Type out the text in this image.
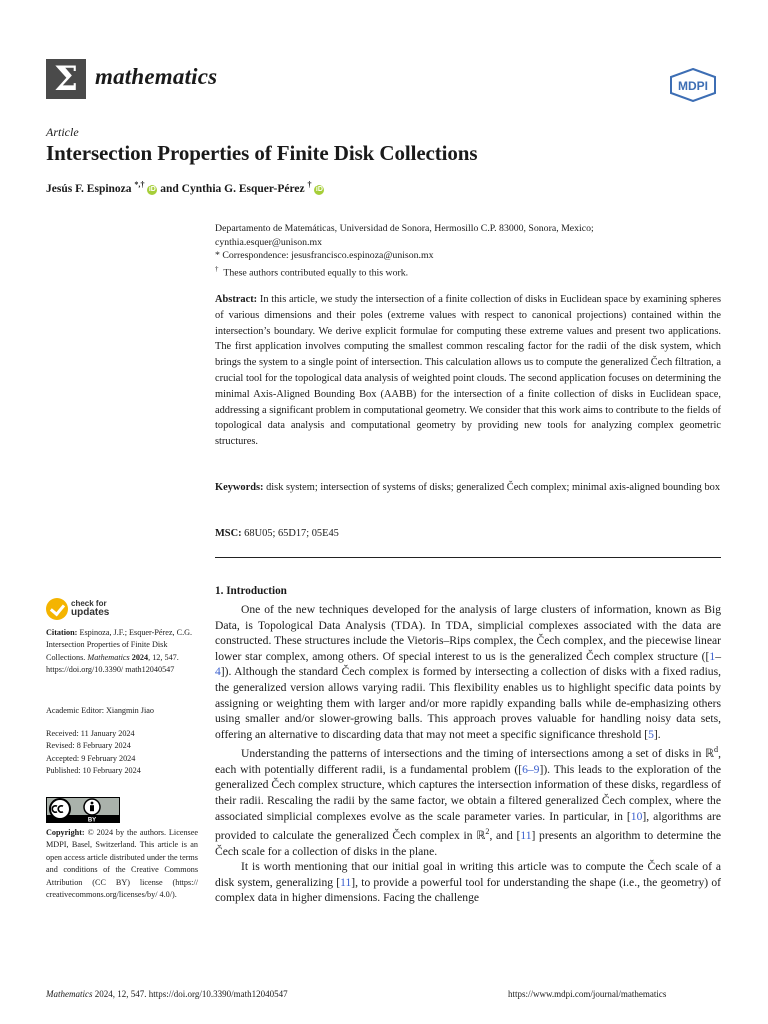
Σ mathematics	MDPI
Article
Intersection Properties of Finite Disk Collections
Jesús F. Espinoza *,† iD and Cynthia G. Esquer-Pérez † iD
Departamento de Matemáticas, Universidad de Sonora, Hermosillo C.P. 83000, Sonora, Mexico;
cynthia.esquer@unison.mx
* Correspondence: jesusfrancisco.espinoza@unison.mx
† These authors contributed equally to this work.
Abstract: In this article, we study the intersection of a finite collection of disks in Euclidean space by examining spheres of various dimensions and their poles (extreme values with respect to canonical projections) contained within the intersection’s boundary. We derive explicit formulae for computing these extreme values and present two applications. The first application involves computing the smallest common rescaling factor for the radii of the disk system, which brings the system to a single point of intersection. This calculation allows us to compute the generalized Čech filtration, a crucial tool for the topological data analysis of weighted point clouds. The second application focuses on determining the minimal Axis-Aligned Bounding Box (AABB) for the intersection of a finite collection of disks in Euclidean space, addressing a significant problem in computational geometry. We consider that this work aims to contribute to the fields of topological data analysis and computational geometry by providing new tools for analyzing complex geometric structures.
Keywords: disk system; intersection of systems of disks; generalized Čech complex; minimal axis-aligned bounding box
MSC: 68U05; 65D17; 05E45
1. Introduction

One of the new techniques developed for the analysis of large clusters of information, known as Big Data, is Topological Data Analysis (TDA). In TDA, simplicial complexes associated with the data are constructed. These structures include the Vietoris–Rips complex, the Čech complex, and the piecewise linear lower star complex, among others. Of special interest to us is the generalized Čech complex structure ([1–4]). Although the standard Čech complex is formed by intersecting a collection of disks with a fixed radius, the generalized version allows varying radii. This flexibility enables us to highlight specific data points by assigning or weighting them with larger and/or more rapidly expanding balls while de-emphasizing others using smaller and/or slower-growing balls. This approach proves valuable for handling noisy data sets, offering an alternative to discarding data that may not meet a specific significance threshold [5].

Understanding the patterns of intersections and the timing of intersections among a set of disks in ℝ$^d$, each with potentially different radii, is a fundamental problem ([6–9]). This leads to the exploration of the generalized Čech complex structure, which captures the intersection information of these disks, regardless of their radii. Rescaling the radii by the same factor, we obtain a filtered generalized Čech complex, where the associated simplicial complexes evolve as the scale parameter varies. In particular, in [10], algorithms are provided to calculate the generalized Čech complex in ℝ$^2$, and [11] presents an algorithm to determine the Čech scale for a collection of disks in the plane.

It is worth mentioning that our initial goal in writing this article was to compute the Čech scale of a disk system, generalizing [11], to provide a powerful tool for understanding the shape (i.e., the geometry) of complex data in higher dimensions. Facing the challenge

check for
updates
Citation: Espinoza, J.F.; Esquer-Pérez, C.G. Intersection Properties of Finite Disk Collections. Mathematics 2024, 12, 547. https://doi.org/10.3390/ math12040547
Academic Editor: Xiangmin Jiao
Received: 11 January 2024
Revised: 8 February 2024
Accepted: 9 February 2024
Published: 10 February 2024
BY
Copyright: © 2024 by the authors. Licensee MDPI, Basel, Switzerland. This article is an open access article distributed under the terms and conditions of the Creative Commons Attribution (CC BY) license (https:// creativecommons.org/licenses/by/ 4.0/).
Mathematics 2024, 12, 547. https://doi.org/10.3390/math12040547	https://www.mdpi.com/journal/mathematics
